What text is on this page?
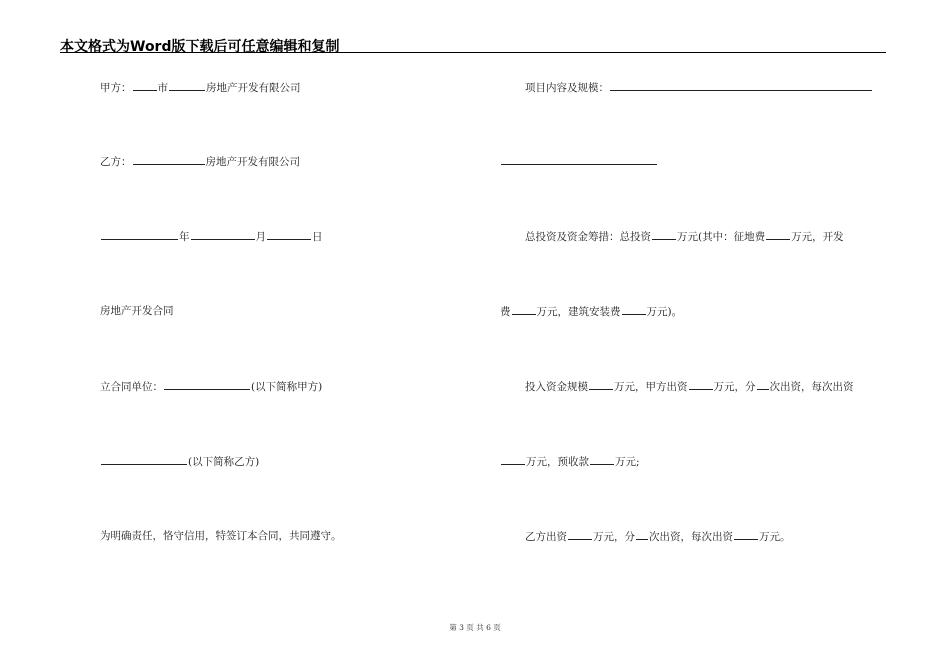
本文格式为Word版下载后可任意编辑和复制
甲方： 市	房地产开发有限公司
乙方：	房地产开发有限公司
年	月	日
房地产开发合同
立合同单位：	(以下简称甲方)
(以下简称乙方)
为明确责任，恪守信用，特签订本合同，共同遵守。
项目内容及规模：
总投资及资金筹措：总投资 万元(其中：征地费 万元，开发
费 万元，建筑安装费 万元)。
投入资金规模 万元，甲方出资 万元，分 次出资，每次出资
万元，预收款 万元;
乙方出资 万元，分 次出资，每次出资 万元。
第 3 页 共 6 页
